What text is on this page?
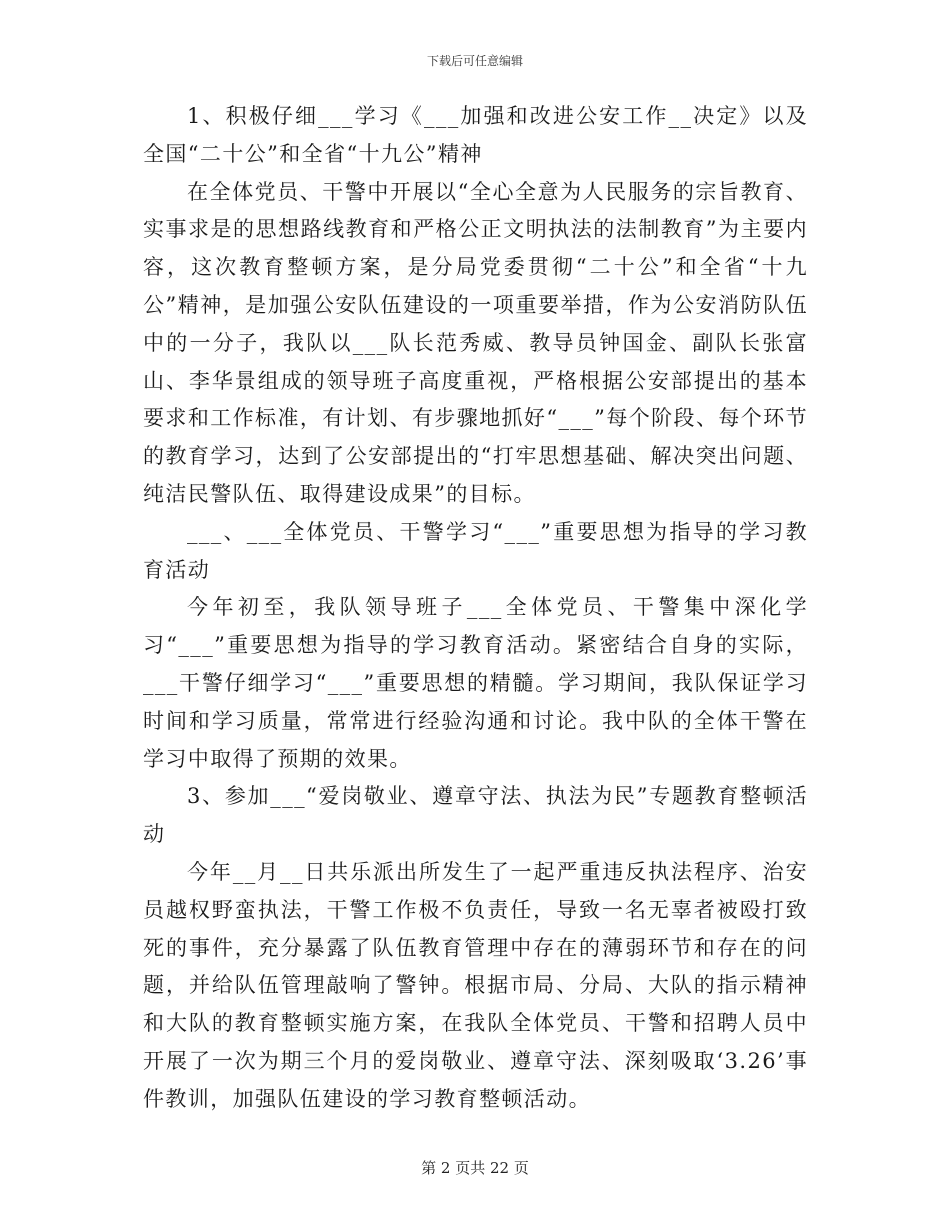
下载后可任意编辑

1、积极仔细___学习《___加强和改进公安工作__决定》以及全国“二十公”和全省“十九公”精神

在全体党员、干警中开展以“全心全意为人民服务的宗旨教育、实事求是的思想路线教育和严格公正文明执法的法制教育”为主要内容，这次教育整顿方案，是分局党委贯彻“二十公”和全省“十九公”精神，是加强公安队伍建设的一项重要举措，作为公安消防队伍中的一分子，我队以___队长范秀威、教导员钟国金、副队长张富山、李华景组成的领导班子高度重视，严格根据公安部提出的基本要求和工作标准，有计划、有步骤地抓好“___”每个阶段、每个环节的教育学习，达到了公安部提出的“打牢思想基础、解决突出问题、纯洁民警队伍、取得建设成果”的目标。

___、___全体党员、干警学习“___”重要思想为指导的学习教育活动

今年初至，我队领导班子___全体党员、干警集中深化学习“___”重要思想为指导的学习教育活动。紧密结合自身的实际，___干警仔细学习“___”重要思想的精髓。学习期间，我队保证学习时间和学习质量，常常进行经验沟通和讨论。我中队的全体干警在学习中取得了预期的效果。

3、参加___“爱岗敬业、遵章守法、执法为民”专题教育整顿活动

今年__月__日共乐派出所发生了一起严重违反执法程序、治安员越权野蛮执法，干警工作极不负责任，导致一名无辜者被殴打致死的事件，充分暴露了队伍教育管理中存在的薄弱环节和存在的问题，并给队伍管理敲响了警钟。根据市局、分局、大队的指示精神和大队的教育整顿实施方案，在我队全体党员、干警和招聘人员中开展了一次为期三个月的爱岗敬业、遵章守法、深刻吸取‘3.26’事件教训，加强队伍建设的学习教育整顿活动。

第 2 页共 22 页
